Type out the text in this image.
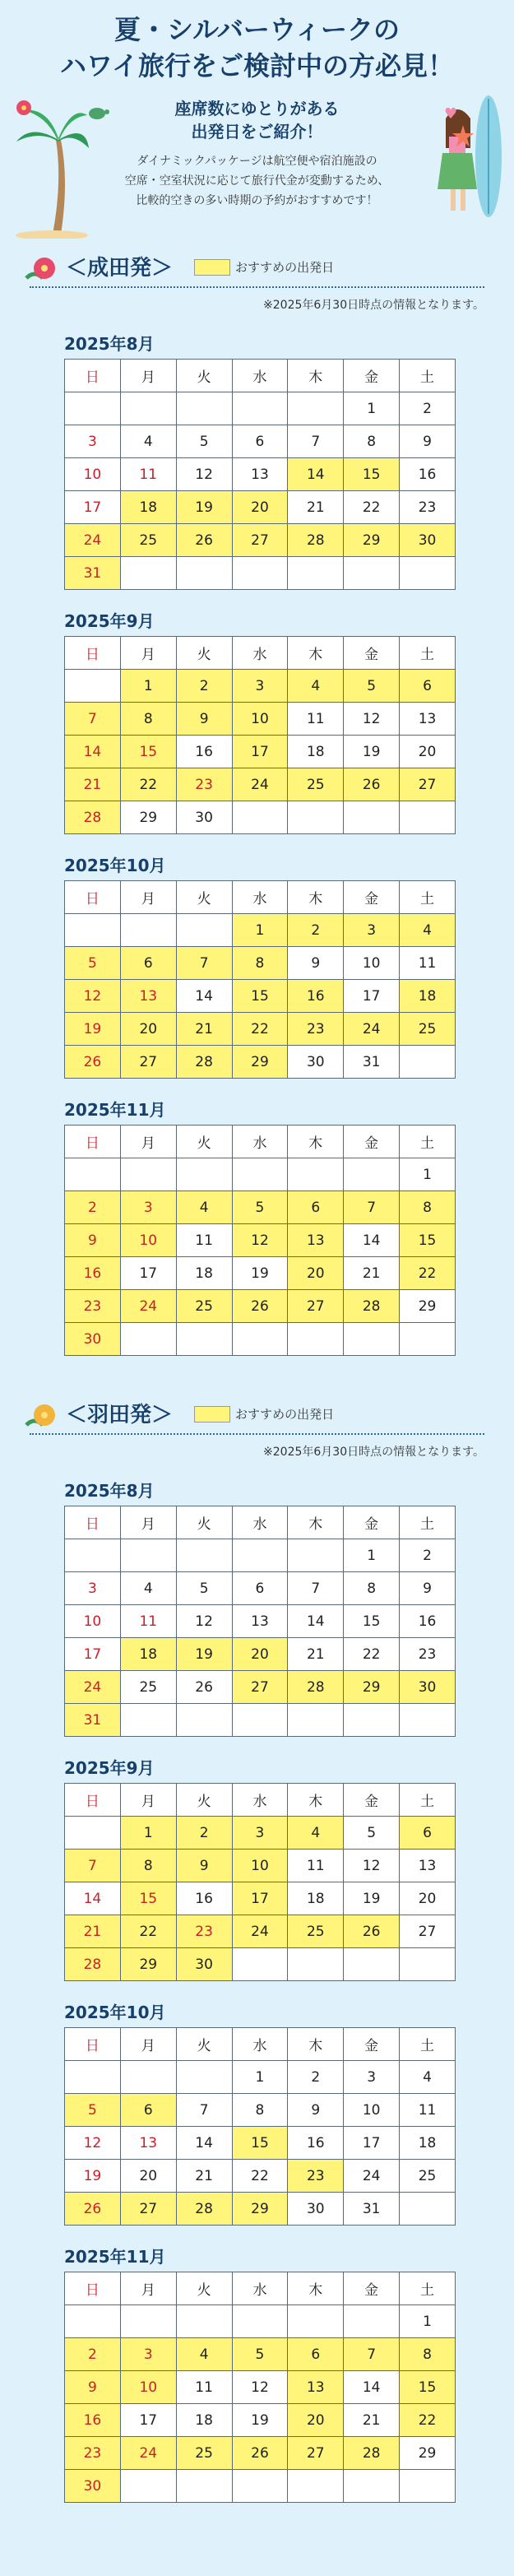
♥
夏・シルバーウィークの
ハワイ旅行をご検討中の方必見！
座席数にゆとりがある
出発日をご紹介！
ダイナミックパッケージは航空便や宿泊施設の
空席・空室状況に応じて旅行代金が変動するため、
比較的空きの多い時期の予約がおすすめです！
＜成田発＞	おすすめの出発日
※2025年6月30日時点の情報となります。
2025年8月
日	月	火	水	木	金	土
					1	2
3	4	5	6	7	8	9
10	11	12	13	14	15	16
17	18	19	20	21	22	23
24	25	26	27	28	29	30
31						
2025年9月
日	月	火	水	木	金	土
	1	2	3	4	5	6
7	8	9	10	11	12	13
14	15	16	17	18	19	20
21	22	23	24	25	26	27
28	29	30				
2025年10月
日	月	火	水	木	金	土
			1	2	3	4
5	6	7	8	9	10	11
12	13	14	15	16	17	18
19	20	21	22	23	24	25
26	27	28	29	30	31	
2025年11月
日	月	火	水	木	金	土
						1
2	3	4	5	6	7	8
9	10	11	12	13	14	15
16	17	18	19	20	21	22
23	24	25	26	27	28	29
30						
＜羽田発＞	おすすめの出発日
※2025年6月30日時点の情報となります。
2025年8月
日	月	火	水	木	金	土
					1	2
3	4	5	6	7	8	9
10	11	12	13	14	15	16
17	18	19	20	21	22	23
24	25	26	27	28	29	30
31						
2025年9月
日	月	火	水	木	金	土
	1	2	3	4	5	6
7	8	9	10	11	12	13
14	15	16	17	18	19	20
21	22	23	24	25	26	27
28	29	30				
2025年10月
日	月	火	水	木	金	土
			1	2	3	4
5	6	7	8	9	10	11
12	13	14	15	16	17	18
19	20	21	22	23	24	25
26	27	28	29	30	31	
2025年11月
日	月	火	水	木	金	土
						1
2	3	4	5	6	7	8
9	10	11	12	13	14	15
16	17	18	19	20	21	22
23	24	25	26	27	28	29
30						
